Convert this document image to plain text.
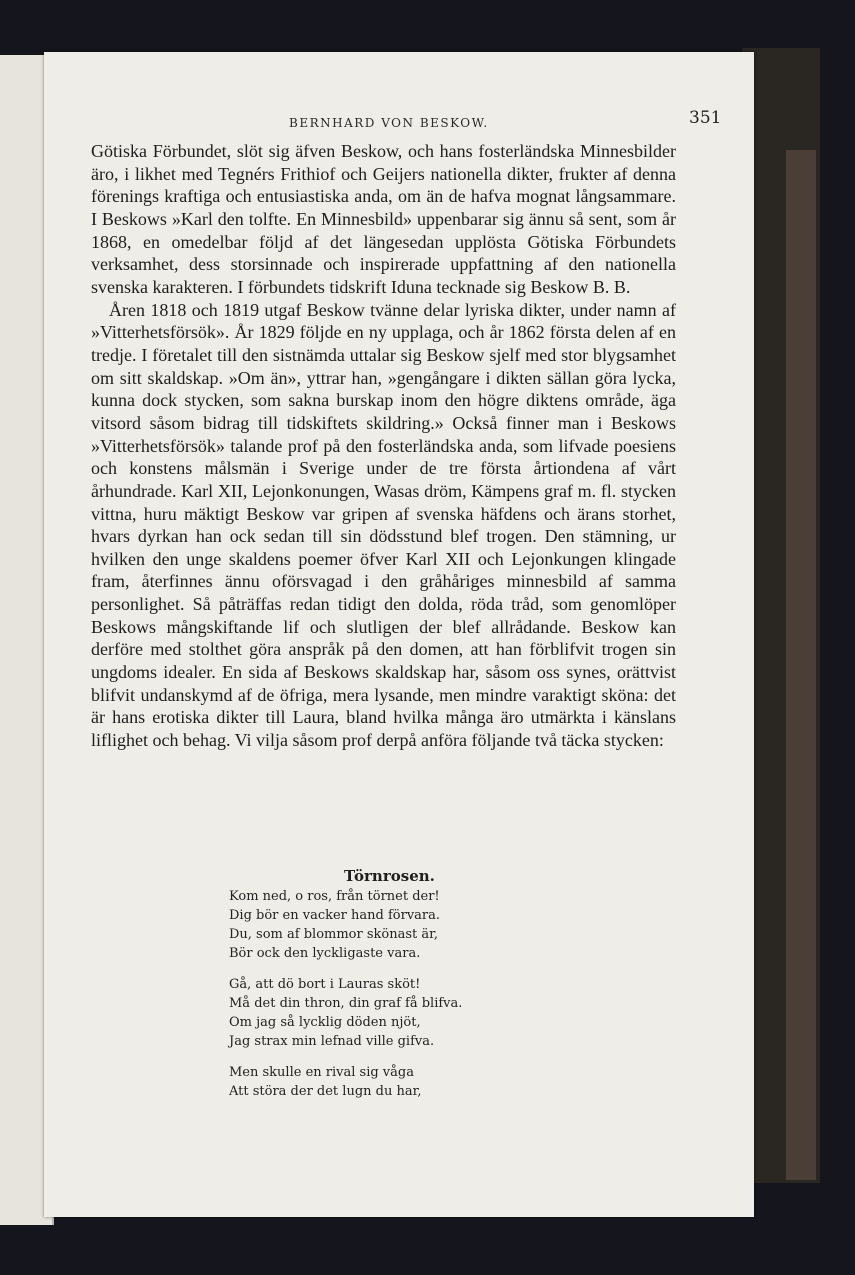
BERNHARD VON BESKOW.	351

Götiska Förbundet, slöt sig äfven Beskow, och hans fosterländska Minnesbilder äro, i likhet med Tegnérs Frithiof och Geijers nationella dikter, frukter af denna förenings kraftiga och entusiastiska anda, om än de hafva mognat långsammare. I Beskows »Karl den tolfte. En Minnesbild» uppenbarar sig ännu så sent, som år 1868, en omedelbar följd af det längesedan upplösta Götiska Förbundets verksamhet, dess storsinnade och inspirerade uppfattning af den nationella svenska karakteren. I förbundets tidskrift Iduna tecknade sig Beskow B. B.

Åren 1818 och 1819 utgaf Beskow tvänne delar lyriska dikter, under namn af »Vitterhetsförsök». År 1829 följde en ny upplaga, och år 1862 första delen af en tredje. I företalet till den sistnämda uttalar sig Beskow sjelf med stor blygsamhet om sitt skaldskap. »Om än», yttrar han, »gengångare i dikten sällan göra lycka, kunna dock stycken, som sakna burskap inom den högre diktens område, äga vitsord såsom bidrag till tidskiftets skildring.» Också finner man i Beskows »Vitterhetsförsök» talande prof på den fosterländska anda, som lifvade poesiens och konstens målsmän i Sverige under de tre första årtiondena af vårt århundrade. Karl XII, Lejonkonungen, Wasas dröm, Kämpens graf m. fl. stycken vittna, huru mäktigt Beskow var gripen af svenska häfdens och ärans storhet, hvars dyrkan han ock sedan till sin dödsstund blef trogen. Den stämning, ur hvilken den unge skaldens poemer öfver Karl XII och Lejonkungen klingade fram, återfinnes ännu oförsvagad i den gråhåriges minnesbild af samma personlighet. Så påträffas redan tidigt den dolda, röda tråd, som genomlöper Beskows mångskiftande lif och slutligen der blef allrådande. Beskow kan derföre med stolthet göra anspråk på den domen, att han förblifvit trogen sin ungdoms idealer. En sida af Beskows skaldskap har, såsom oss synes, orättvist blifvit undanskymd af de öfriga, mera lysande, men mindre varaktigt sköna: det är hans erotiska dikter till Laura, bland hvilka många äro utmärkta i känslans liflighet och behag. Vi vilja såsom prof derpå anföra följande två täcka stycken:

Törnrosen.
Kom ned, o ros, från törnet der!
Dig bör en vacker hand förvara.
Du, som af blommor skönast är,
Bör ock den lyckligaste vara.
Gå, att dö bort i Lauras sköt!
Må det din thron, din graf få blifva.
Om jag så lycklig döden njöt,
Jag strax min lefnad ville gifva.
Men skulle en rival sig våga
Att störa der det lugn du har,
